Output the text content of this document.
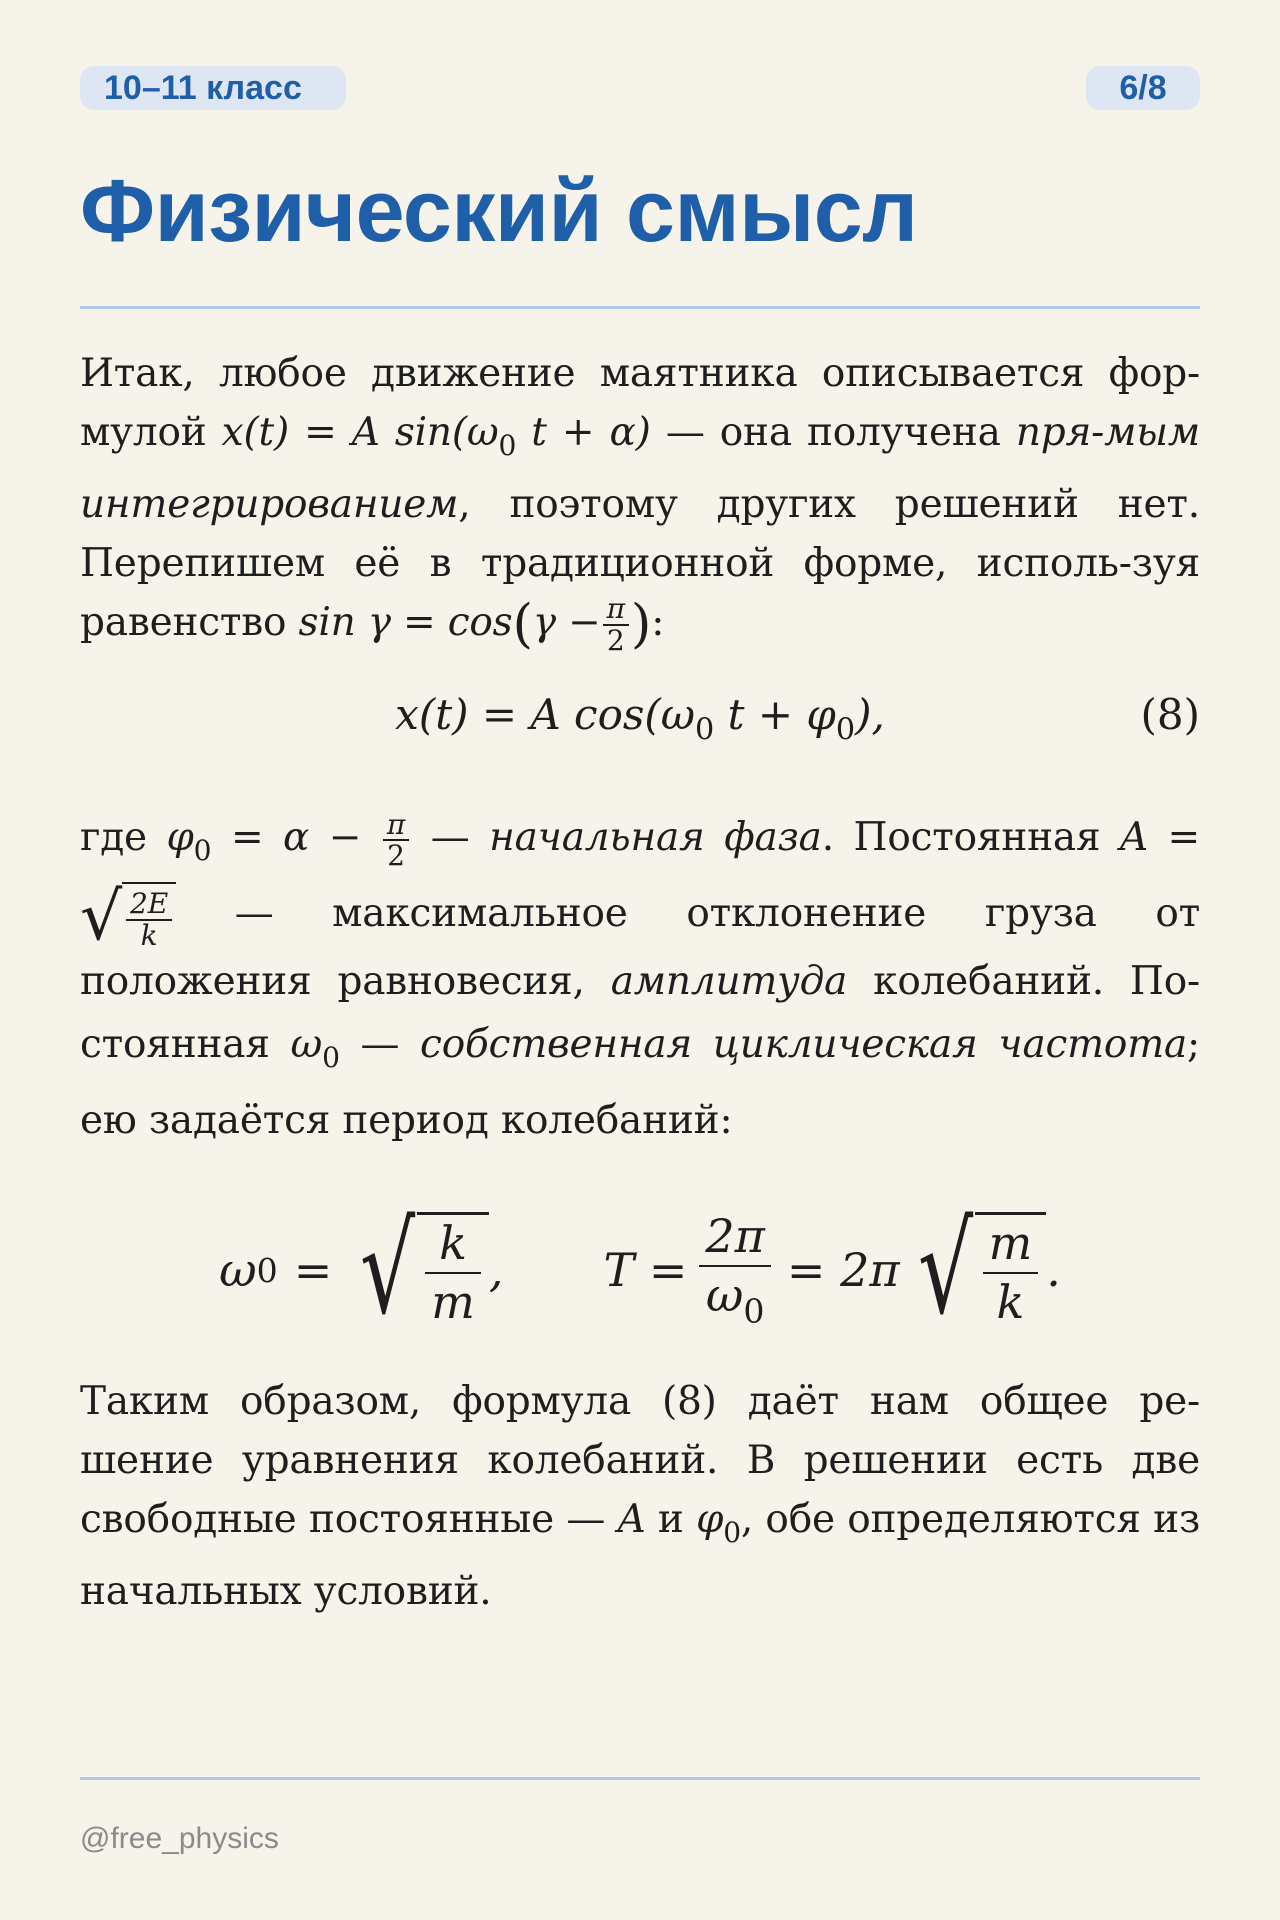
10–11 класс	6/8
Физический смысл

Итак, любое движение маятника описывается фор-мулой x(t) = A $\sin(\omega_0$ t + α) — она получена пря-мым интегрированием, поэтому других решений нет. Перепишем её в традиционной форме, исполь-зуя равенство $\sin \gamma = \cos(\gamma - \frac{\pi}{2}$ ):

x(t) = A $\cos(\omega_0$ $t + \varphi_0$),	(8)

где $\varphi_0 = \alpha - \frac{\pi}{2}$ — начальная фаза. Постоянная A = √ $\frac{2E}{k}$ — максимальное отклонение груза от положения равновесия, амплитуда колебаний. По-стоянная $\omega_0$ — собственная циклическая частота; ею задаётся период колебаний:

ω 0 = √ $\frac{k}{m}$ , $T = \frac{2\pi}{\omega_0} = 2\pi$ √ $\frac{m}{k}$ .

Таким образом, формула (8) даёт нам общее ре-шение уравнения колебаний. В решении есть две свободные постоянные — A и $\varphi_0$, обе определяются из начальных условий.

@free_physics
